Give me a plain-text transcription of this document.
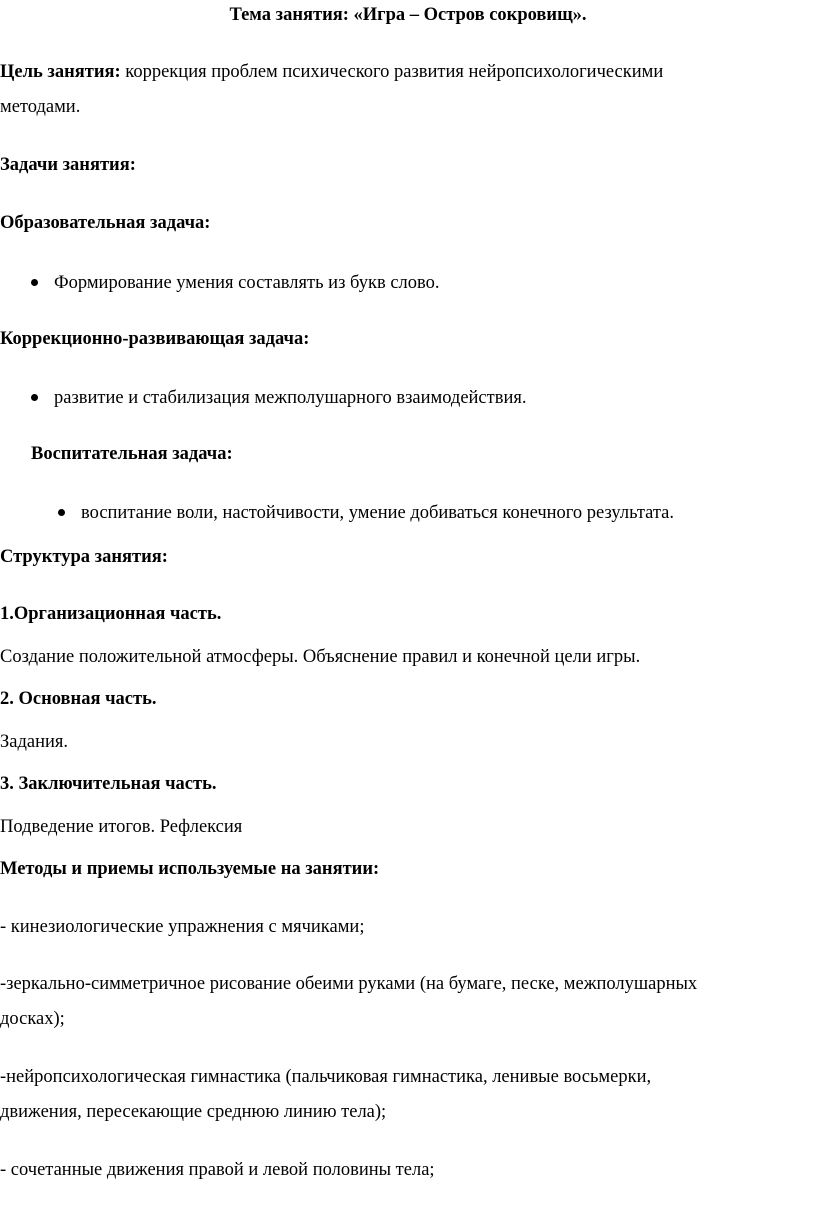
Тема занятия: «Игра – Остров сокровищ».
Цель занятия: коррекция проблем психического развития нейропсихологическими
методами.
Задачи занятия:
Образовательная задача:
Формирование умения составлять из букв слово.
Коррекционно-развивающая задача:
развитие и стабилизация межполушарного взаимодействия.
Воспитательная задача:
воспитание воли, настойчивости, умение добиваться конечного результата.
Структура занятия:
1.Организационная часть.
Создание положительной атмосферы. Объяснение правил и конечной цели игры.
2. Основная часть.
Задания.
3. Заключительная часть.
Подведение итогов. Рефлексия
Методы и приемы используемые на занятии:
- кинезиологические упражнения с мячиками;
-зеркально-симметричное рисование обеими руками (на бумаге, песке, межполушарных
досках);
-нейропсихологическая гимнастика (пальчиковая гимнастика, ленивые восьмерки,
движения, пересекающие среднюю линию тела);
- сочетанные движения правой и левой половины тела;
